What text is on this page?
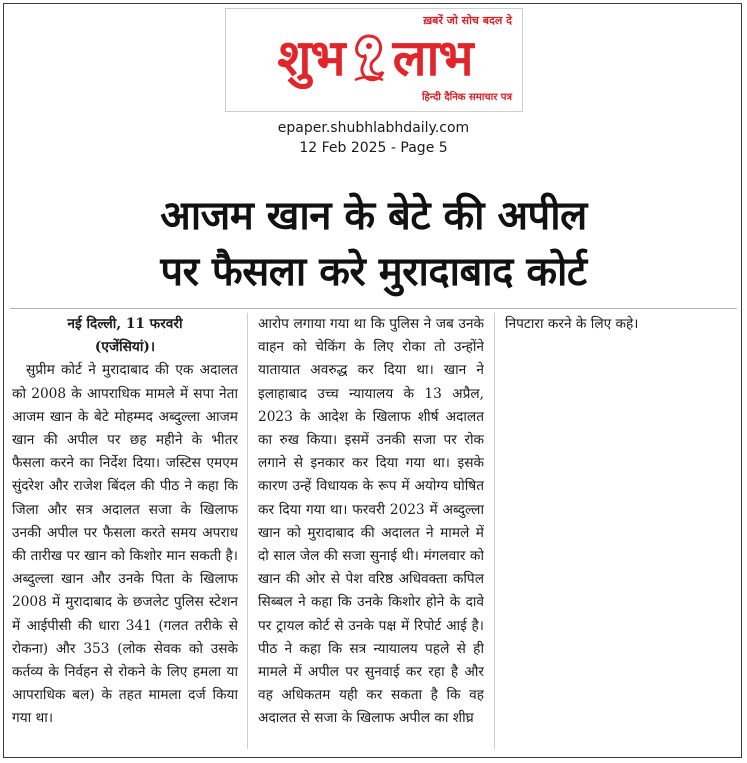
ख़बरें जो सोच बदल दे
शुभ लाभ
हिन्दी दैनिक समाचार पत्र
epaper.shubhlabhdaily.com
12 Feb 2025 - Page 5
आजम खान के बेटे की अपील
पर फैसला करे मुरादाबाद कोर्ट
नई दिल्ली, 11 फरवरी
(एजेंसियां)।

सुप्रीम कोर्ट ने मुरादाबाद की एक अदालत को 2008 के आपराधिक मामले में सपा नेता आजम खान के बेटे मोहम्मद अब्दुल्ला आजम खान की अपील पर छह महीने के भीतर फैसला करने का निर्देश दिया। जस्टिस एमएम सुंदरेश और राजेश बिंदल की पीठ ने कहा कि जिला और सत्र अदालत सजा के खिलाफ उनकी अपील पर फैसला करते समय अपराध की तारीख पर खान को किशोर मान सकती है। अब्दुल्ला खान और उनके पिता के खिलाफ 2008 में मुरादाबाद के छजलेट पुलिस स्टेशन में आईपीसी की धारा 341 (गलत तरीके से रोकना) और 353 (लोक सेवक को उसके कर्तव्य के निर्वहन से रोकने के लिए हमला या आपराधिक बल) के तहत मामला दर्ज किया गया था।

आरोप लगाया गया था कि पुलिस ने जब उनके वाहन को चेकिंग के लिए रोका तो उन्होंने यातायात अवरुद्ध कर दिया था। खान ने इलाहाबाद उच्च न्यायालय के 13 अप्रैल, 2023 के आदेश के खिलाफ शीर्ष अदालत का रुख किया। इसमें उनकी सजा पर रोक लगाने से इनकार कर दिया गया था। इसके कारण उन्हें विधायक के रूप में अयोग्य घोषित कर दिया गया था। फरवरी 2023 में अब्दुल्ला खान को मुरादाबाद की अदालत ने मामले में दो साल जेल की सजा सुनाई थी। मंगलवार को खान की ओर से पेश वरिष्ठ अधिवक्ता कपिल सिब्बल ने कहा कि उनके किशोर होने के दावे पर ट्रायल कोर्ट से उनके पक्ष में रिपोर्ट आई है। पीठ ने कहा कि सत्र न्यायालय पहले से ही मामले में अपील पर सुनवाई कर रहा है और वह अधिकतम यही कर सकता है कि वह अदालत से सजा के खिलाफ अपील का शीघ्र

निपटारा करने के लिए कहे।
